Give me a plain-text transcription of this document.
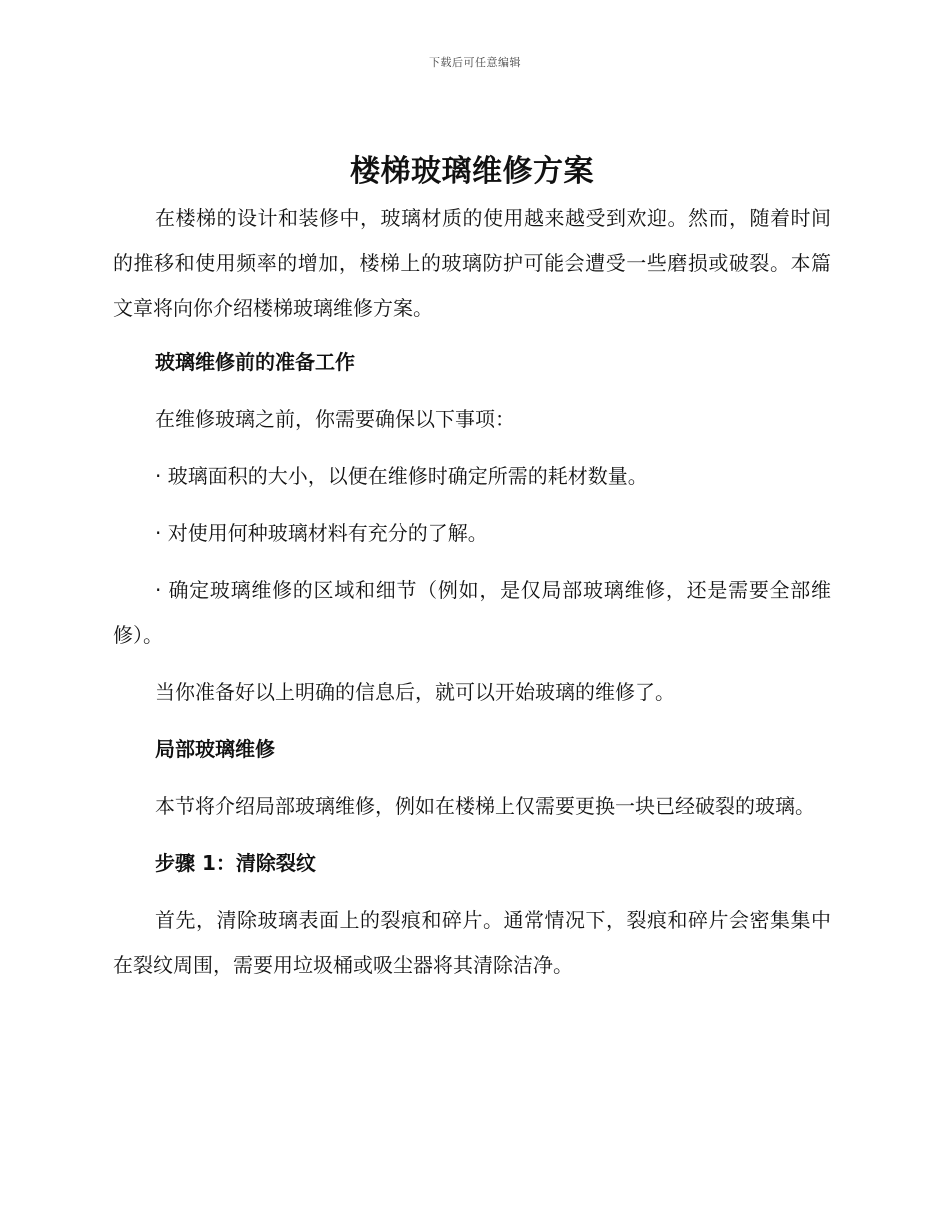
下载后可任意编辑
楼梯玻璃维修方案

在楼梯的设计和装修中，玻璃材质的使用越来越受到欢迎。然而，随着时间的推移和使用频率的增加，楼梯上的玻璃防护可能会遭受一些磨损或破裂。本篇文章将向你介绍楼梯玻璃维修方案。

玻璃维修前的准备工作

在维修玻璃之前，你需要确保以下事项：

· 玻璃面积的大小，以便在维修时确定所需的耗材数量。

· 对使用何种玻璃材料有充分的了解。

· 确定玻璃维修的区域和细节（例如，是仅局部玻璃维修，还是需要全部维修）。

当你准备好以上明确的信息后，就可以开始玻璃的维修了。

局部玻璃维修

本节将介绍局部玻璃维修，例如在楼梯上仅需要更换一块已经破裂的玻璃。

步骤 1：清除裂纹

首先，清除玻璃表面上的裂痕和碎片。通常情况下，裂痕和碎片会密集集中在裂纹周围，需要用垃圾桶或吸尘器将其清除洁净。
